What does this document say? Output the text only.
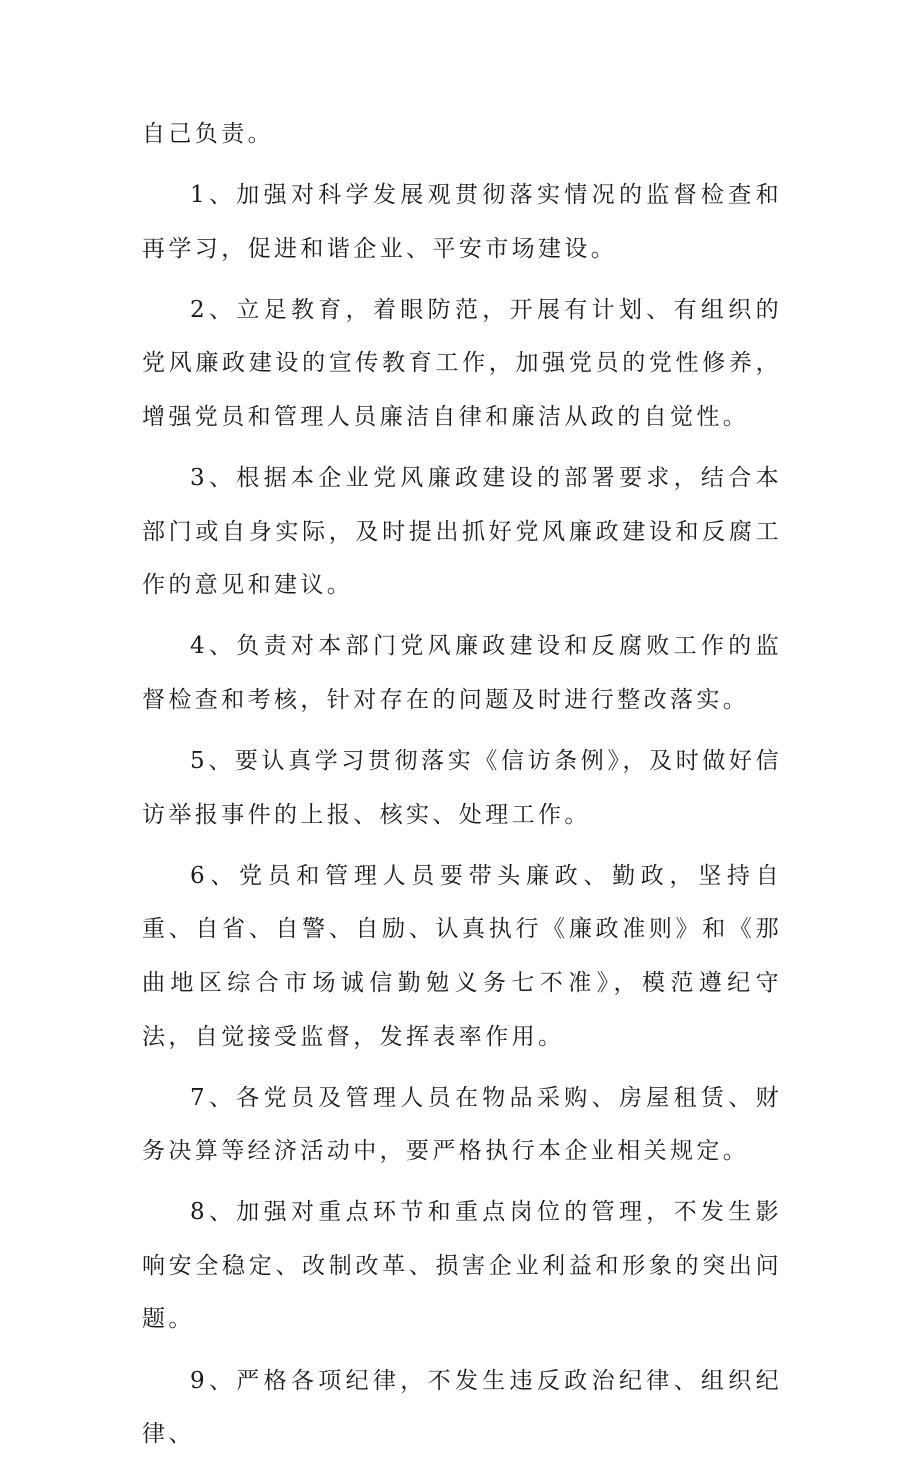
自己负责。

1、加强对科学发展观贯彻落实情况的监督检查和再学习，促进和谐企业、平安市场建设。

2、立足教育，着眼防范，开展有计划、有组织的党风廉政建设的宣传教育工作，加强党员的党性修养，增强党员和管理人员廉洁自律和廉洁从政的自觉性。

3、根据本企业党风廉政建设的部署要求，结合本部门或自身实际，及时提出抓好党风廉政建设和反腐工作的意见和建议。

4、负责对本部门党风廉政建设和反腐败工作的监督检查和考核，针对存在的问题及时进行整改落实。

5、要认真学习贯彻落实《信访条例》，及时做好信访举报事件的上报、核实、处理工作。

6、党员和管理人员要带头廉政、勤政，坚持自重、自省、自警、自励、认真执行《廉政准则》和《那曲地区综合市场诚信勤勉义务七不准》，模范遵纪守法，自觉接受监督，发挥表率作用。

7、各党员及管理人员在物品采购、房屋租赁、财务决算等经济活动中，要严格执行本企业相关规定。

8、加强对重点环节和重点岗位的管理，不发生影响安全稳定、改制改革、损害企业利益和形象的突出问题。

9、严格各项纪律，不发生违反政治纪律、组织纪律、
